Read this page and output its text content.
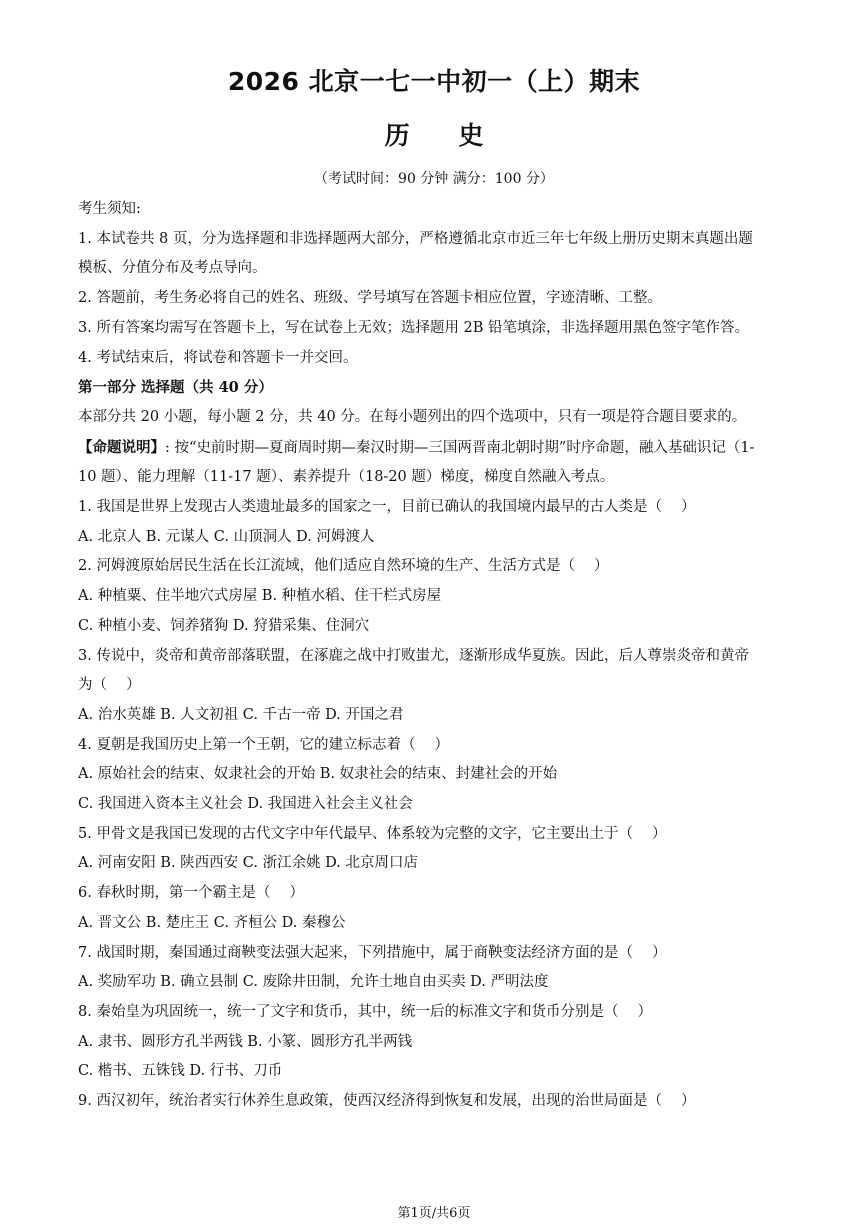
2026 北京一七一中初一（上）期末
历 史
（考试时间：90 分钟 满分：100 分）
考生须知:
1. 本试卷共 8 页，分为选择题和非选择题两大部分，严格遵循北京市近三年七年级上册历史期末真题出题
模板、分值分布及考点导向。
2. 答题前，考生务必将自己的姓名、班级、学号填写在答题卡相应位置，字迹清晰、工整。
3. 所有答案均需写在答题卡上，写在试卷上无效；选择题用 2B 铅笔填涂，非选择题用黑色签字笔作答。
4. 考试结束后，将试卷和答题卡一并交回。
第一部分 选择题（共 40 分）
本部分共 20 小题，每小题 2 分，共 40 分。在每小题列出的四个选项中，只有一项是符合题目要求的。
【命题说明】: 按“史前时期—夏商周时期—秦汉时期—三国两晋南北朝时期”时序命题，融入基础识记（1-
10 题）、能力理解（11-17 题）、素养提升（18-20 题）梯度，梯度自然融入考点。
1. 我国是世界上发现古人类遗址最多的国家之一，目前已确认的我国境内最早的古人类是（　 ）
A. 北京人 B. 元谋人 C. 山顶洞人 D. 河姆渡人
2. 河姆渡原始居民生活在长江流域，他们适应自然环境的生产、生活方式是（　 ）
A. 种植粟、住半地穴式房屋 B. 种植水稻、住干栏式房屋
C. 种植小麦、饲养猪狗 D. 狩猎采集、住洞穴
3. 传说中，炎帝和黄帝部落联盟，在涿鹿之战中打败蚩尤，逐渐形成华夏族。因此，后人尊崇炎帝和黄帝
为（　 ）
A. 治水英雄 B. 人文初祖 C. 千古一帝 D. 开国之君
4. 夏朝是我国历史上第一个王朝，它的建立标志着（　 ）
A. 原始社会的结束、奴隶社会的开始 B. 奴隶社会的结束、封建社会的开始
C. 我国进入资本主义社会 D. 我国进入社会主义社会
5. 甲骨文是我国已发现的古代文字中年代最早、体系较为完整的文字，它主要出土于（　 ）
A. 河南安阳 B. 陕西西安 C. 浙江余姚 D. 北京周口店
6. 春秋时期，第一个霸主是（　 ）
A. 晋文公 B. 楚庄王 C. 齐桓公 D. 秦穆公
7. 战国时期，秦国通过商鞅变法强大起来，下列措施中，属于商鞅变法经济方面的是（　 ）
A. 奖励军功 B. 确立县制 C. 废除井田制，允许土地自由买卖 D. 严明法度
8. 秦始皇为巩固统一，统一了文字和货币，其中，统一后的标准文字和货币分别是（　 ）
A. 隶书、圆形方孔半两钱 B. 小篆、圆形方孔半两钱
C. 楷书、五铢钱 D. 行书、刀币
9. 西汉初年，统治者实行休养生息政策，使西汉经济得到恢复和发展，出现的治世局面是（　 ）
第1页/共6页
